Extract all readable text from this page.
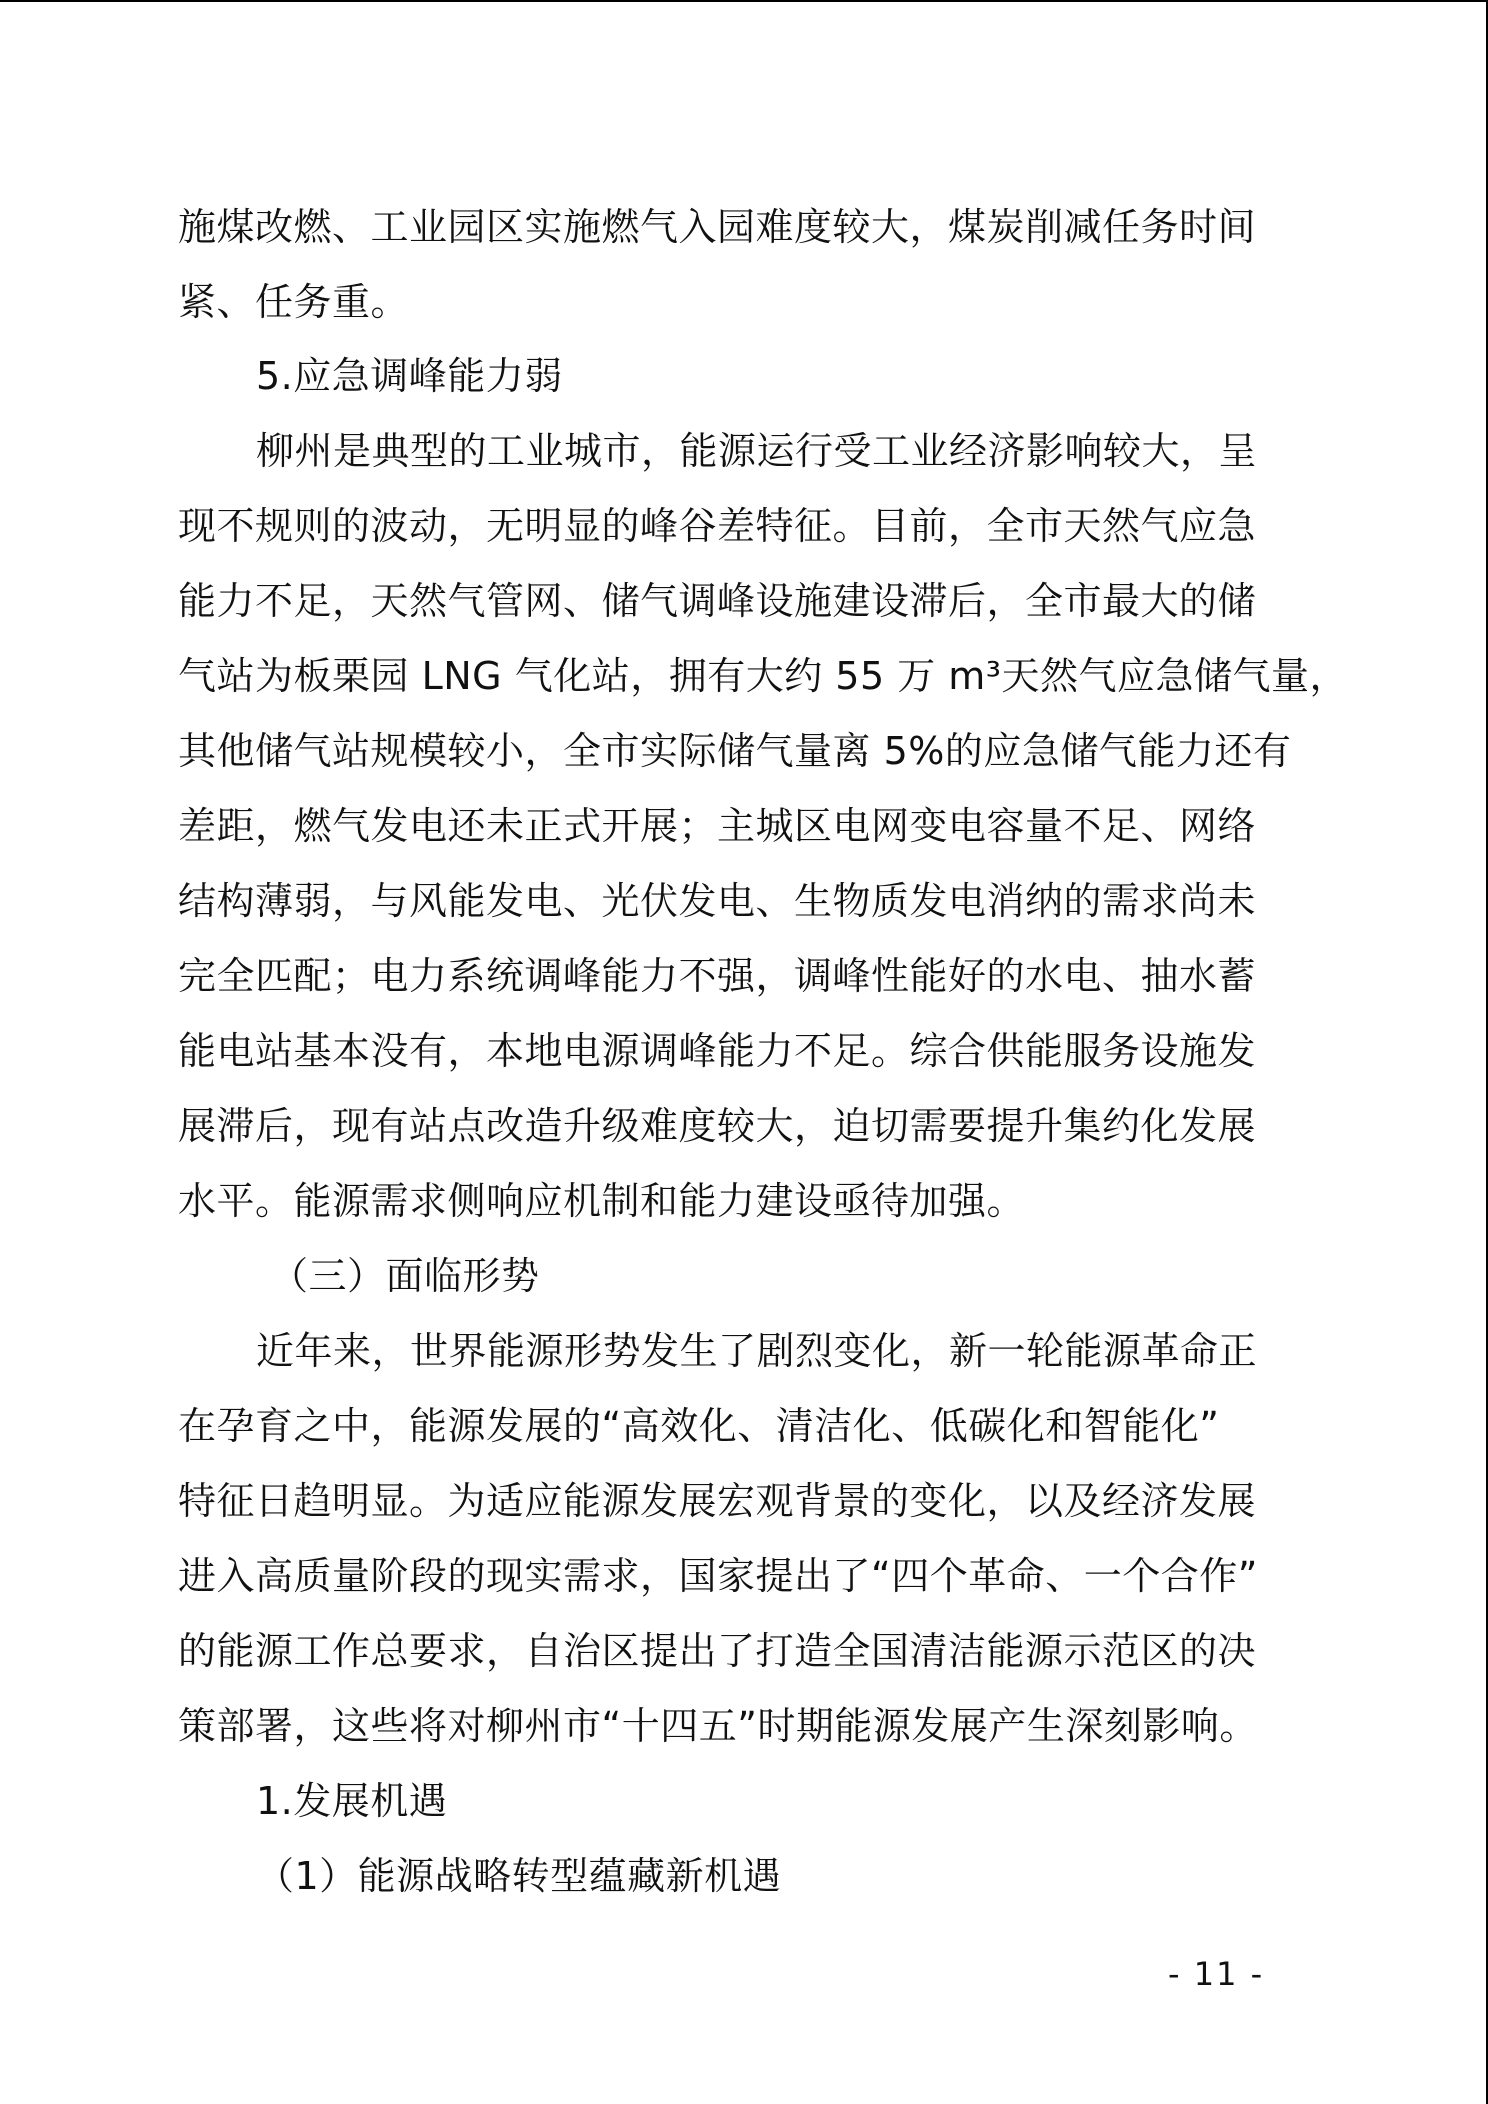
施煤改燃、工业园区实施燃气入园难度较大，煤炭削减任务时间
紧、任务重。
5.应急调峰能力弱
柳州是典型的工业城市，能源运行受工业经济影响较大，呈
现不规则的波动，无明显的峰谷差特征。目前，全市天然气应急
能力不足，天然气管网、储气调峰设施建设滞后，全市最大的储
气站为板栗园 LNG 气化站，拥有大约 55 万 m³天然气应急储气量，
其他储气站规模较小，全市实际储气量离 5%的应急储气能力还有
差距，燃气发电还未正式开展；主城区电网变电容量不足、网络
结构薄弱，与风能发电、光伏发电、生物质发电消纳的需求尚未
完全匹配；电力系统调峰能力不强，调峰性能好的水电、抽水蓄
能电站基本没有，本地电源调峰能力不足。综合供能服务设施发
展滞后，现有站点改造升级难度较大，迫切需要提升集约化发展
水平。能源需求侧响应机制和能力建设亟待加强。
（三）面临形势
近年来，世界能源形势发生了剧烈变化，新一轮能源革命正
在孕育之中，能源发展的“高效化、清洁化、低碳化和智能化”
特征日趋明显。为适应能源发展宏观背景的变化，以及经济发展
进入高质量阶段的现实需求，国家提出了“四个革命、一个合作”
的能源工作总要求，自治区提出了打造全国清洁能源示范区的决
策部署，这些将对柳州市“十四五”时期能源发展产生深刻影响。
1.发展机遇
（1）能源战略转型蕴藏新机遇
- 11 -
